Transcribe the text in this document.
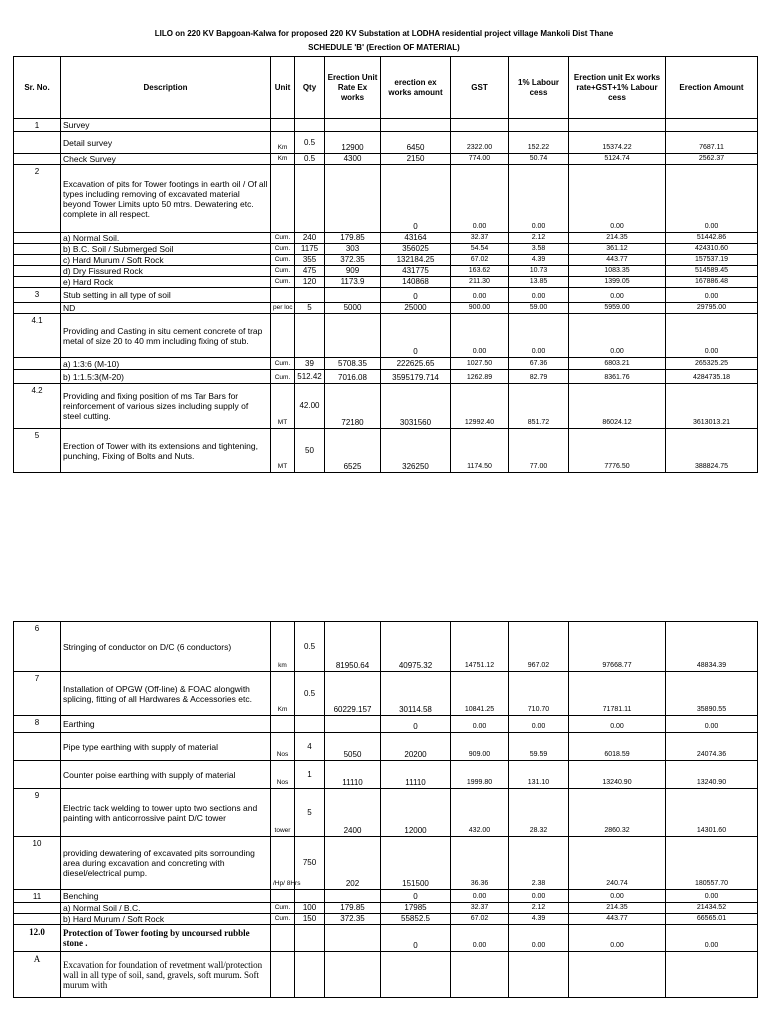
LILO on 220 KV Bapgoan-Kalwa for proposed 220 KV Substation at LODHA residential project village Mankoli Dist Thane
SCHEDULE 'B' (Erection OF MATERIAL)
Sr. No.	Description	Unit	Qty	Erection Unit Rate Ex works	erection ex works amount	GST	1% Labour cess	Erection unit Ex works rate+GST+1% Labour cess	Erection Amount
1	Survey								
	Detail survey	Km	0.5	12900	6450	2322.00	152.22	15374.22	7687.11
	Check Survey	Km	0.5	4300	2150	774.00	50.74	5124.74	2562.37
2	Excavation of pits for Tower footings in earth oil / Of all types including removing of excavated material beyond Tower Limits upto 50 mtrs. Dewatering etc. complete in all respect.				0	0.00	0.00	0.00	0.00
	a) Normal Soil.	Cum.	240	179.85	43164	32.37	2.12	214.35	51442.86
	b) B.C. Soil / Submerged Soil	Cum.	1175	303	356025	54.54	3.58	361.12	424310.60
	c) Hard Murum / Soft Rock	Cum.	355	372.35	132184.25	67.02	4.39	443.77	157537.19
	d) Dry Fissured Rock	Cum.	475	909	431775	163.62	10.73	1083.35	514589.45
	e) Hard Rock	Cum.	120	1173.9	140868	211.30	13.85	1399.05	167886.48
3	Stub setting in all type of soil				0	0.00	0.00	0.00	0.00
	ND	per loc	5	5000	25000	900.00	59.00	5959.00	29795.00
4.1	Providing and Casting in situ cement concrete of trap metal of size 20 to 40 mm including fixing of stub.				0	0.00	0.00	0.00	0.00
	a) 1:3:6 (M-10)	Cum.	39	5708.35	222625.65	1027.50	67.36	6803.21	265325.25
	b) 1:1.5:3(M-20)	Cum.	512.42	7016.08	3595179.714	1262.89	82.79	8361.76	4284735.18
4.2	Providing and fixing position of ms Tar Bars for reinforcement of various sizes including supply of steel cutting.	MT	42.00	72180	3031560	12992.40	851.72	86024.12	3613013.21
5	Erection of Tower with its extensions and tightening, punching, Fixing of Bolts and Nuts.	MT	50	6525	326250	1174.50	77.00	7776.50	388824.75
6	Stringing of conductor on D/C (6 conductors)	km	0.5	81950.64	40975.32	14751.12	967.02	97668.77	48834.39
7	Installation of OPGW (Off-line) & FOAC alongwith splicing, fitting of all Hardwares & Accessories etc.	Km	0.5	60229.157	30114.58	10841.25	710.70	71781.11	35890.55
8	Earthing				0	0.00	0.00	0.00	0.00
	Pipe type earthing with supply of material	Nos	4	5050	20200	909.00	59.59	6018.59	24074.36
	Counter poise earthing with supply of material	Nos	1	11110	11110	1999.80	131.10	13240.90	13240.90
9	Electric tack welding to tower upto two sections and painting with anticorrossive paint D/C tower	tower	5	2400	12000	432.00	28.32	2860.32	14301.60
10	providing dewatering of excavated pits sorrounding area during excavation and concreting with diesel/electrical pump.	/Hp/ 8Hrs	750	202	151500	36.36	2.38	240.74	180557.70
11	Benching				0	0.00	0.00	0.00	0.00
	a) Normal Soil / B.C.	Cum.	100	179.85	17985	32.37	2.12	214.35	21434.52
	b) Hard Murum / Soft Rock	Cum.	150	372.35	55852.5	67.02	4.39	443.77	66565.01
12.0	Protection of Tower footing by uncoursed rubble stone .				0	0.00	0.00	0.00	0.00
A	Excavation for foundation of revetment wall/protection wall in all type of soil, sand, gravels, soft murum. Soft murum with								
